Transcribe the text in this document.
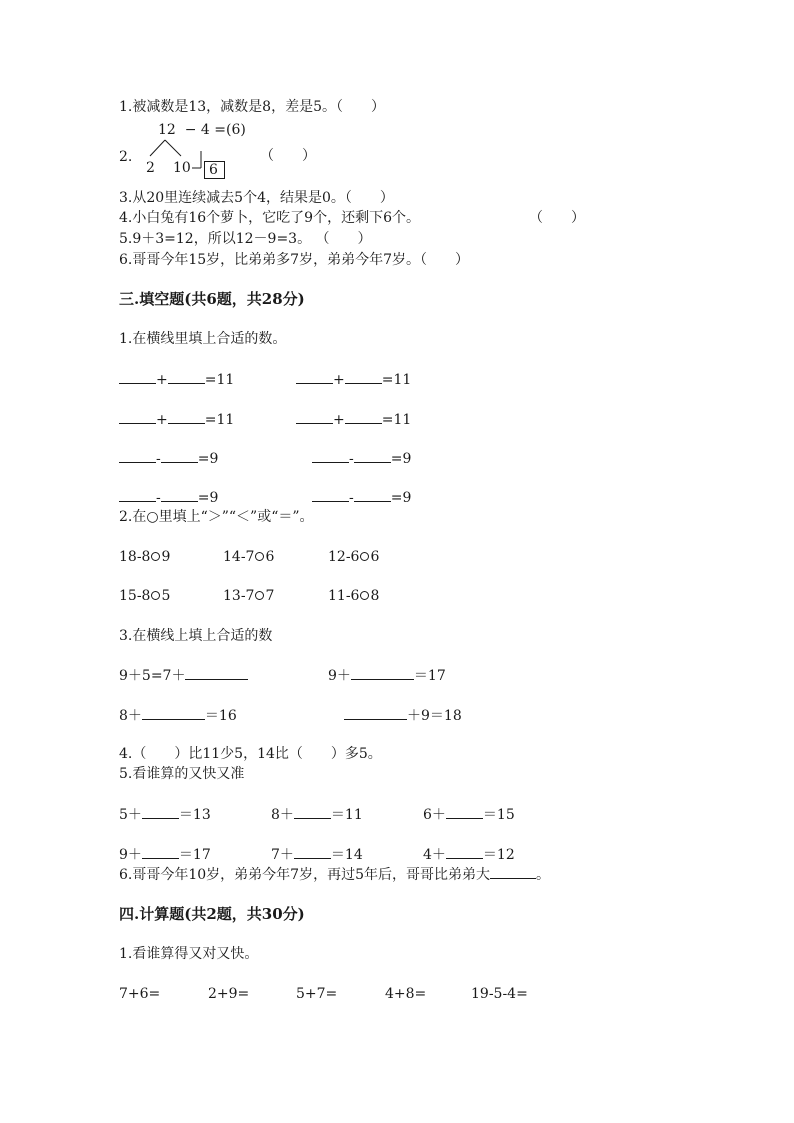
1.被减数是13，减数是8，差是5。（　　）
12  − 4 =(6)
2.
2 10	6
（　　）
3.从20里连续减去5个4，结果是0。（　　）
4.小白兔有16个萝卜，它吃了9个，还剩下6个。	（　　）
5.9＋3=12，所以12－9=3。 （　　）
6.哥哥今年15岁，比弟弟多7岁，弟弟今年7岁。（　　）
三.填空题(共6题，共28分)
1.在横线里填上合适的数。
+	=11	+	=11
+	=11	+	=11
-	=9	-	=9
-	=9	-	=9
2.在○里填上“＞”“＜”或“＝”。
18-8 9	14-7 6	12-6 6
15-8 5	13-7 7	11-6 8
3.在横线上填上合适的数
9＋5=7＋	9＋	＝17
8＋	＝16	＋9＝18
4.（　　）比11少5，14比（　　）多5。
5.看谁算的又快又准
5＋	＝13	8＋	＝11	6＋	＝15
9＋	＝17	7＋	＝14	4＋	＝12
6.哥哥今年10岁，弟弟今年7岁，再过5年后，哥哥比弟弟大	。
四.计算题(共2题，共30分)
1.看谁算得又对又快。
7+6=	2+9=	5+7=	4+8=	19-5-4=
